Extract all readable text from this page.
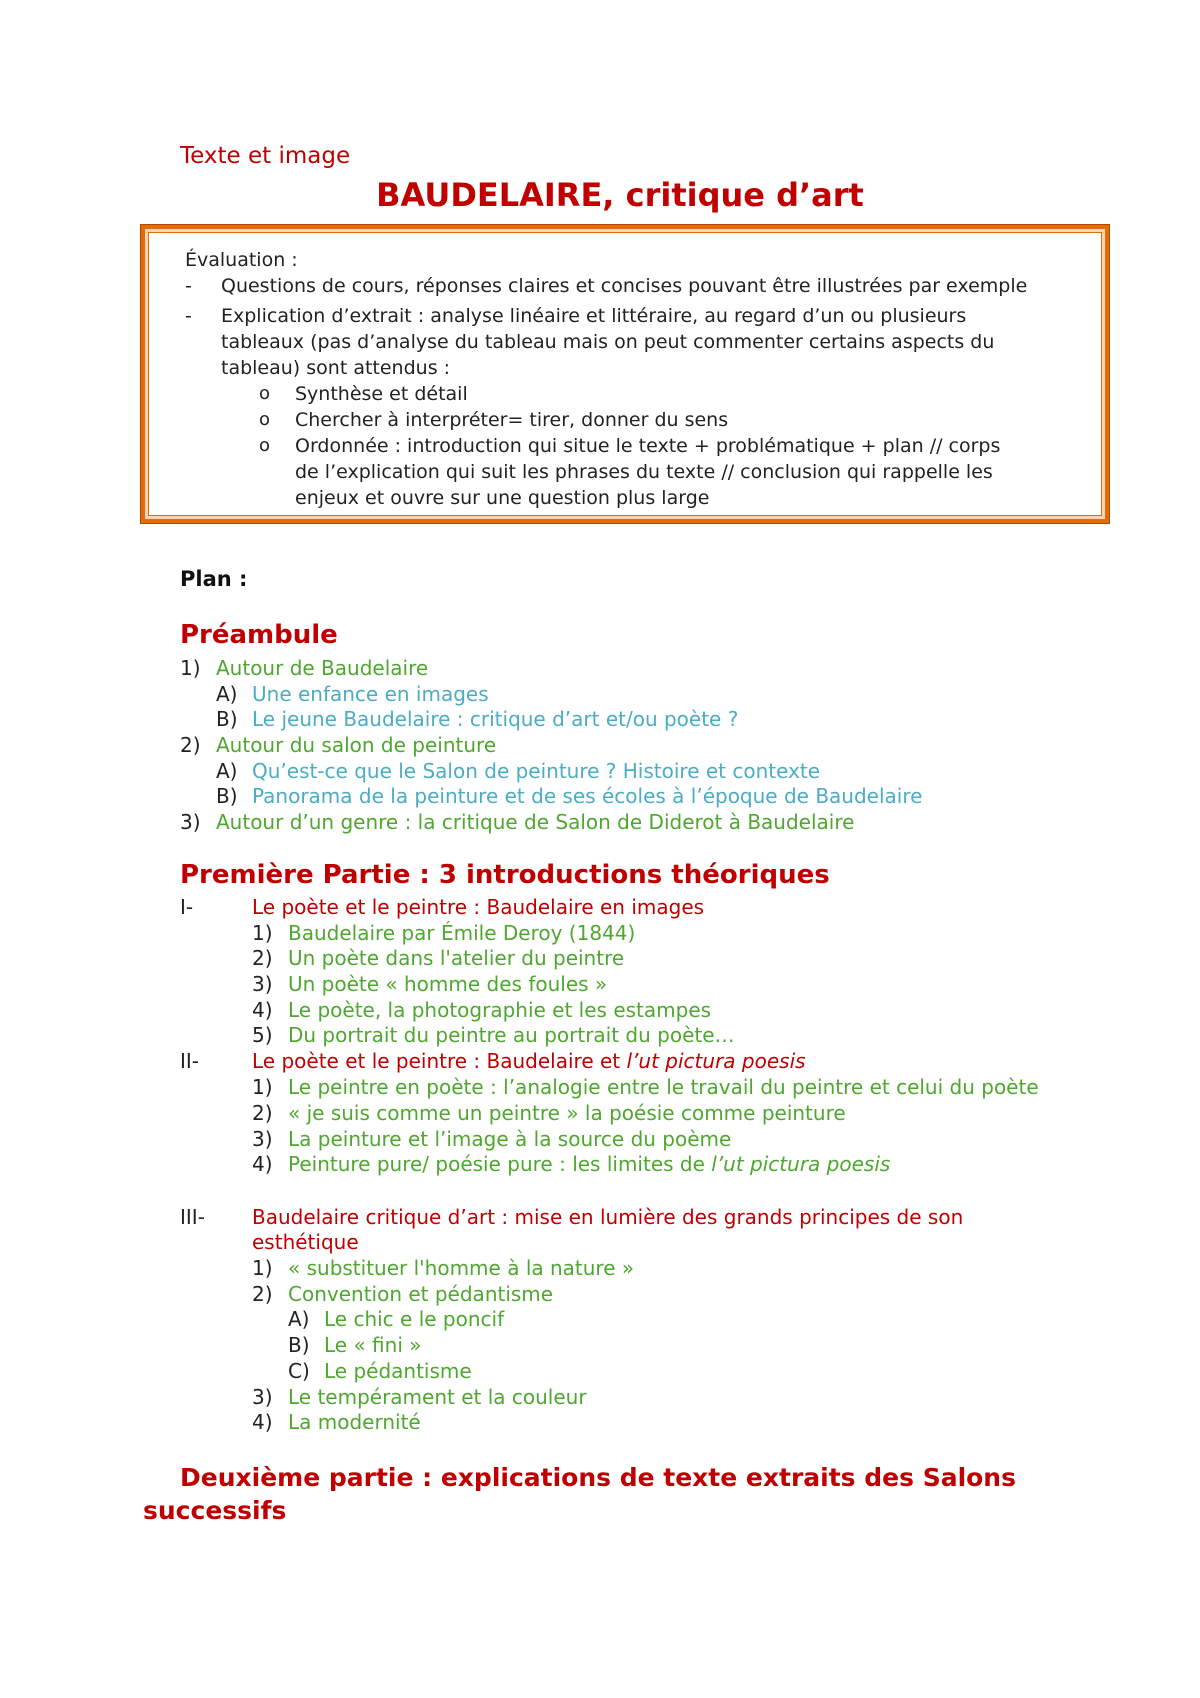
Texte et image
BAUDELAIRE, critique d’art
Évaluation :
- Questions de cours, réponses claires et concises pouvant être illustrées par exemple
- Explication d’extrait : analyse linéaire et littéraire, au regard d’un ou plusieurs
tableaux (pas d’analyse du tableau mais on peut commenter certains aspects du
tableau) sont attendus :
o Synthèse et détail
o Chercher à interpréter= tirer, donner du sens
o Ordonnée : introduction qui situe le texte + problématique + plan // corps
de l’explication qui suit les phrases du texte // conclusion qui rappelle les
enjeux et ouvre sur une question plus large
Plan :
Préambule
1) Autour de Baudelaire
A) Une enfance en images
B) Le jeune Baudelaire : critique d’art et/ou poète ?
2) Autour du salon de peinture
A) Qu’est-ce que le Salon de peinture ? Histoire et contexte
B) Panorama de la peinture et de ses écoles à l’époque de Baudelaire
3) Autour d’un genre : la critique de Salon de Diderot à Baudelaire
Première Partie : 3 introductions théoriques
I-	Le poète et le peintre : Baudelaire en images
1) Baudelaire par Émile Deroy (1844)
2) Un poète dans l'atelier du peintre
3) Un poète « homme des foules »
4) Le poète, la photographie et les estampes
5) Du portrait du peintre au portrait du poète…
II-	Le poète et le peintre : Baudelaire et l’ut pictura poesis
1) Le peintre en poète : l’analogie entre le travail du peintre et celui du poète
2) « je suis comme un peintre » la poésie comme peinture
3) La peinture et l’image à la source du poème
4) Peinture pure/ poésie pure : les limites de l’ut pictura poesis
III- Baudelaire critique d’art : mise en lumière des grands principes de son
esthétique
1) « substituer l'homme à la nature »
2) Convention et pédantisme
A) Le chic e le poncif
B) Le « fini »
C) Le pédantisme
3) Le tempérament et la couleur
4) La modernité
Deuxième partie : explications de texte extraits des Salons
successifs
